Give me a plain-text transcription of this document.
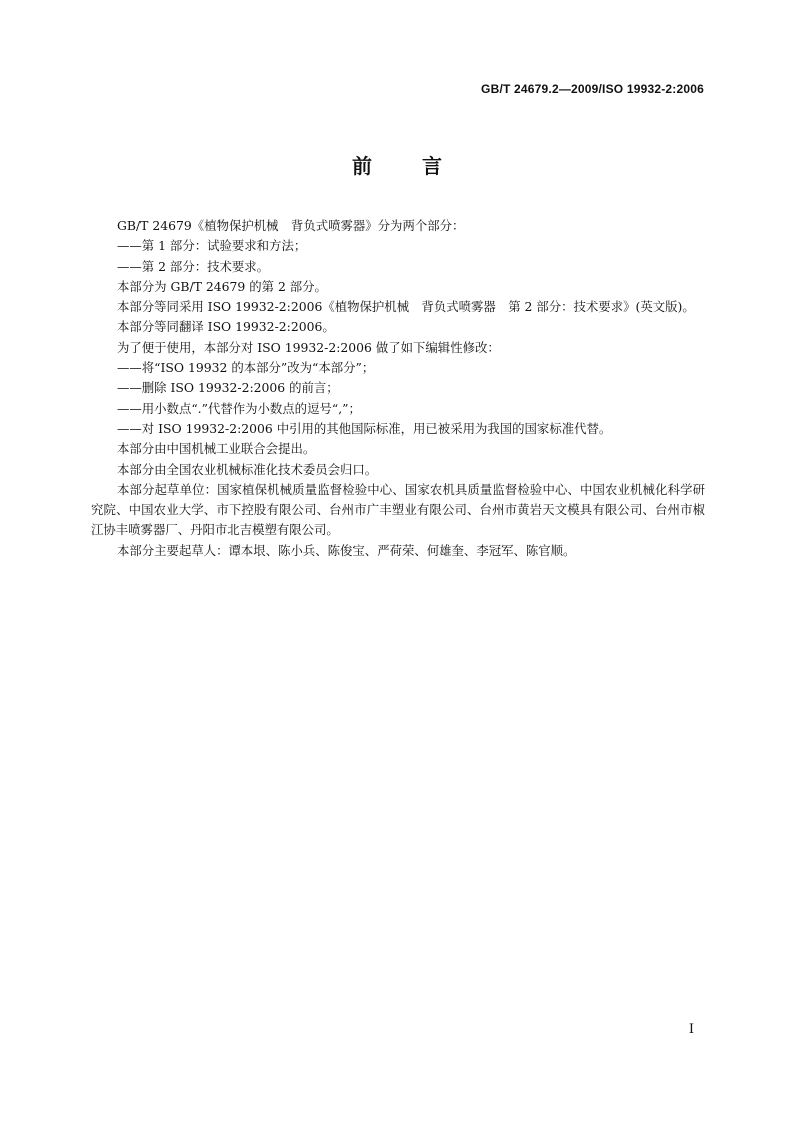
GB/T 24679.2—2009/ISO 19932-2:2006
前言

GB/T 24679《植物保护机械　背负式喷雾器》分为两个部分：

——第 1 部分：试验要求和方法；

——第 2 部分：技术要求。

本部分为 GB/T 24679 的第 2 部分。

本部分等同采用 ISO 19932-2:2006《植物保护机械　背负式喷雾器　第 2 部分：技术要求》(英文版)。

本部分等同翻译 ISO 19932-2:2006。

为了便于使用，本部分对 ISO 19932-2:2006 做了如下编辑性修改：

——将“ISO 19932 的本部分”改为“本部分”；

——删除 ISO 19932-2:2006 的前言；

——用小数点“.”代替作为小数点的逗号“,”；

——对 ISO 19932-2:2006 中引用的其他国际标准，用已被采用为我国的国家标准代替。

本部分由中国机械工业联合会提出。

本部分由全国农业机械标准化技术委员会归口。

本部分起草单位：国家植保机械质量监督检验中心、国家农机具质量监督检验中心、中国农业机械化科学研究院、中国农业大学、市下控股有限公司、台州市广丰塑业有限公司、台州市黄岩天文模具有限公司、台州市椒江协丰喷雾器厂、丹阳市北吉模塑有限公司。

本部分主要起草人：谭本垠、陈小兵、陈俊宝、严荷荣、何雄奎、李冠军、陈官顺。

I
